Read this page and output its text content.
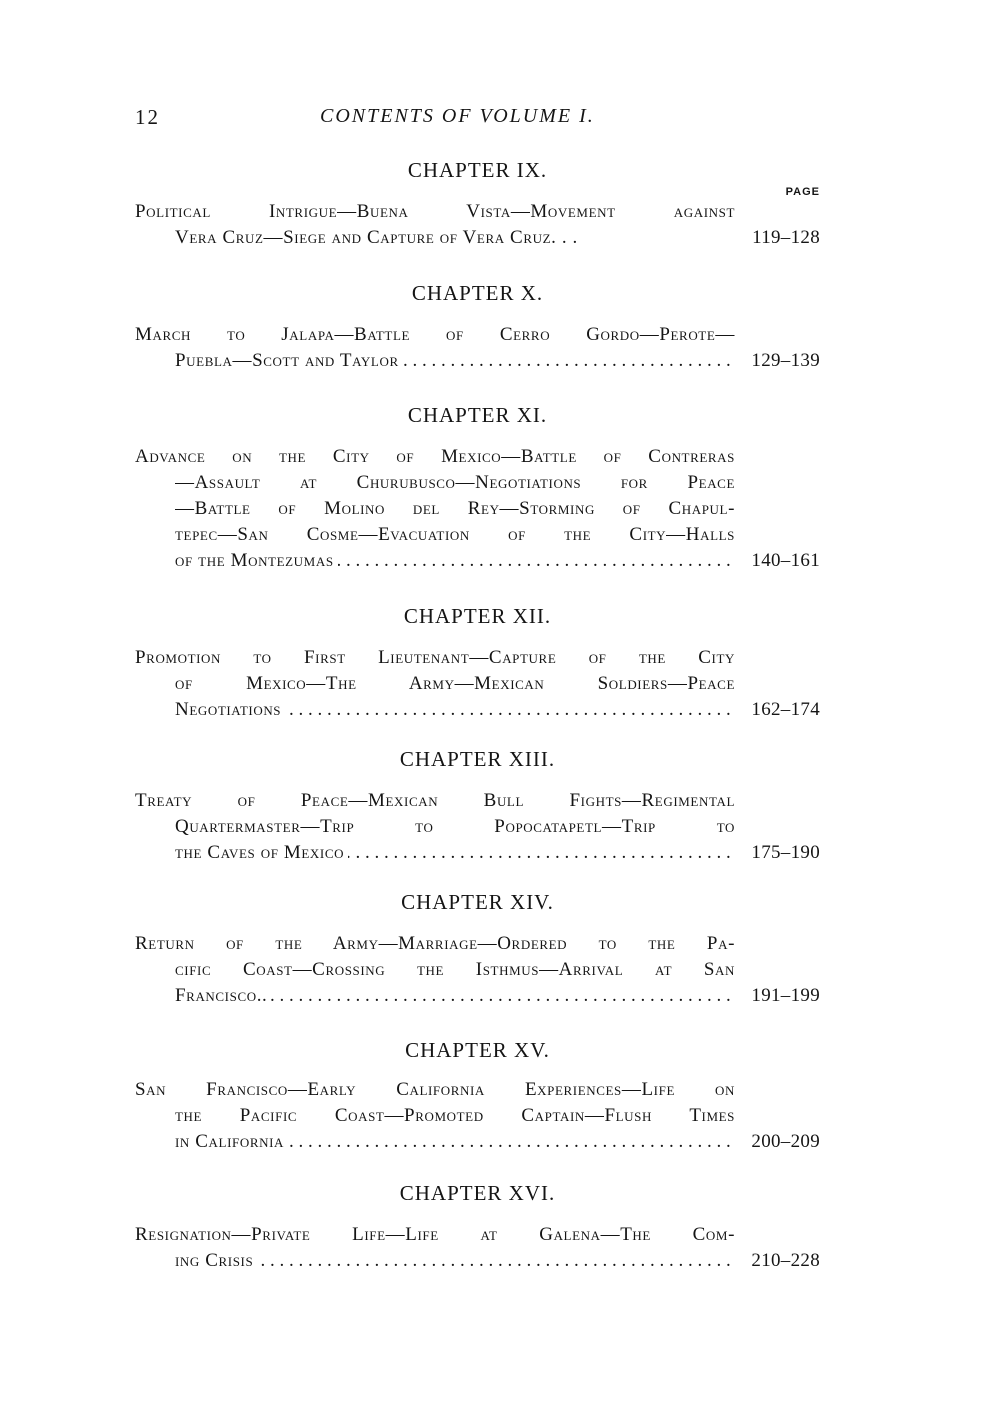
12	CONTENTS OF VOLUME I.
PAGE
CHAPTER IX.
Political Intrigue—Buena Vista—Movement against
Vera Cruz—Siege and Capture of Vera Cruz. . .	119–128
CHAPTER X.
March to Jalapa—Battle of Cerro Gordo—Perote—
Puebla—Scott and Taylor . . .	129–139
CHAPTER XI.
Advance on the City of Mexico—Battle of Contreras
—Assault at Churubusco—Negotiations for Peace
—Battle of Molino del Rey—Storming of Chapul-
tepec—San Cosme—Evacuation of the City—Halls
of the Montezumas . . .	140–161
CHAPTER XII.
Promotion to First Lieutenant—Capture of the City
of Mexico—The Army—Mexican Soldiers—Peace
Negotiations . . .	162–174
CHAPTER XIII.
Treaty of Peace—Mexican Bull Fights—Regimental
Quartermaster—Trip to Popocatapetl—Trip to
the Caves of Mexico . . .	175–190
CHAPTER XIV.
Return of the Army—Marriage—Ordered to the Pa-
cific Coast—Crossing the Isthmus—Arrival at San
Francisco.. . . .	191–199
CHAPTER XV.
San Francisco—Early California Experiences—Life on
the Pacific Coast—Promoted Captain—Flush Times
in California . . .	200–209
CHAPTER XVI.
Resignation—Private Life—Life at Galena—The Com-
ing Crisis . . .	210–228
